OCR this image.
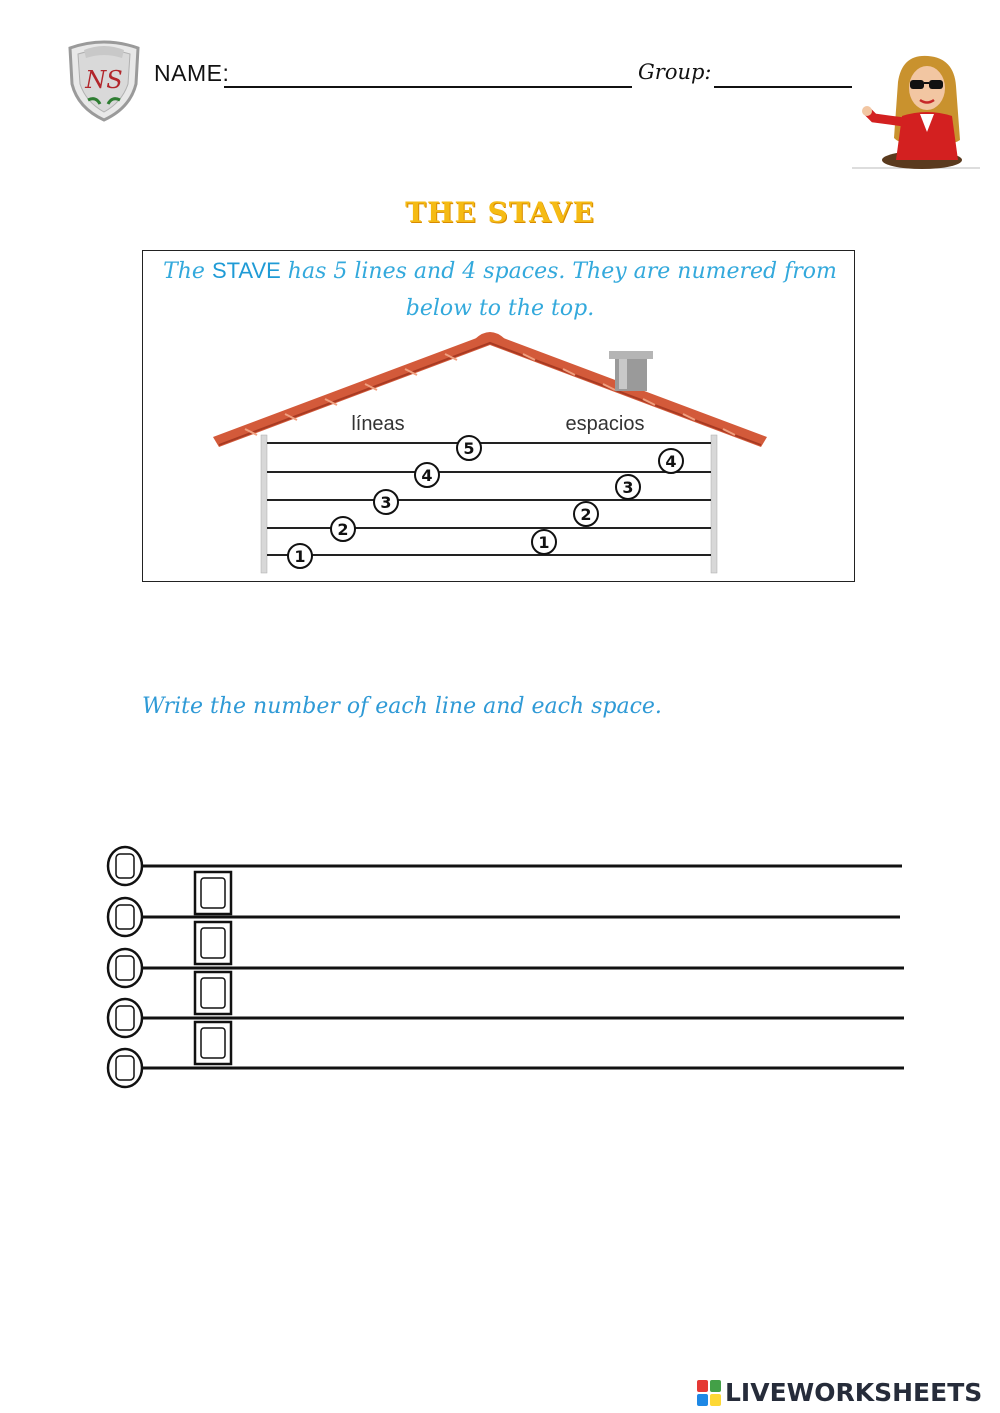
NS NAME:	Group:
THE STAVE
The STAVE has 5 lines and 4 spaces. They are numered from below to the top.
líneas	espacios
1
2
3
4
5
1
2
3
4
Write the number of each line and each space.
LIVEWORKSHEETS
